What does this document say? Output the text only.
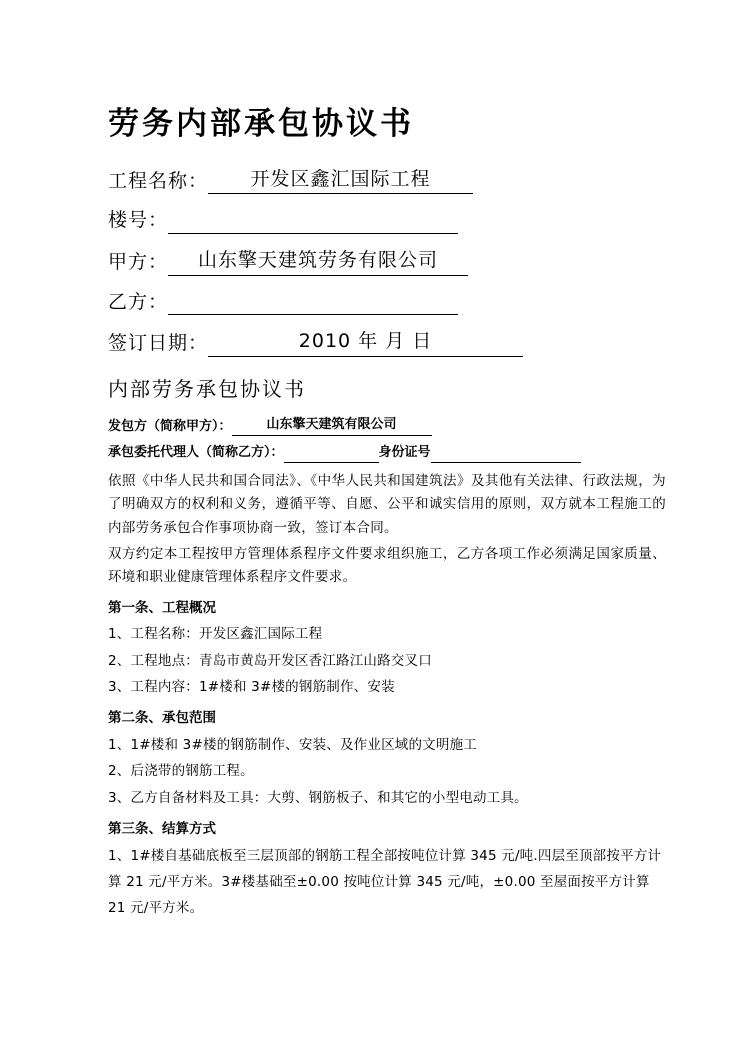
劳务内部承包协议书
工程名称：	开发区鑫汇国际工程
楼号：
甲方：	山东擎天建筑劳务有限公司
乙方：
签订日期：	2010 年 月 日
内部劳务承包协议书
发包方（简称甲方）：	山东擎天建筑有限公司
承包委托代理人（简称乙方）：	身份证号

依照《中华人民共和国合同法》、《中华人民共和国建筑法》及其他有关法律、行政法规，为了明确双方的权利和义务，遵循平等、自愿、公平和诚实信用的原则，双方就本工程施工的内部劳务承包合作事项协商一致，签订本合同。

双方约定本工程按甲方管理体系程序文件要求组织施工，乙方各项工作必须满足国家质量、环境和职业健康管理体系程序文件要求。

第一条、工程概况

1、工程名称：开发区鑫汇国际工程

2、工程地点：青岛市黄岛开发区香江路江山路交叉口

3、工程内容：1#楼和 3#楼的钢筋制作、安装

第二条、承包范围

1、1#楼和 3#楼的钢筋制作、安装、及作业区域的文明施工

2、后浇带的钢筋工程。

3、乙方自备材料及工具：大剪、钢筋板子、和其它的小型电动工具。

第三条、结算方式

1、1#楼自基础底板至三层顶部的钢筋工程全部按吨位计算 345 元/吨.四层至顶部按平方计算 21 元/平方米。3#楼基础至±0.00 按吨位计算 345 元/吨，±0.00 至屋面按平方计算 21 元/平方米。
